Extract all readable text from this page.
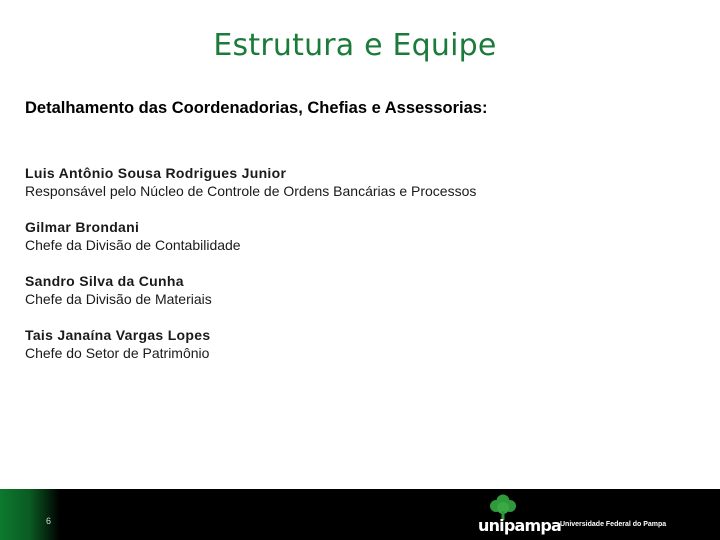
Estrutura e Equipe
Detalhamento das Coordenadorias, Chefias e Assessorias:
Luis Antônio Sousa Rodrigues Junior
Responsável pelo Núcleo de Controle de Ordens Bancárias e Processos
Gilmar Brondani
Chefe da Divisão de Contabilidade
Sandro Silva da Cunha
Chefe da Divisão de Materiais
Tais Janaína Vargas Lopes
Chefe do Setor de Patrimônio
6	unipampa
Universidade Federal do Pampa
